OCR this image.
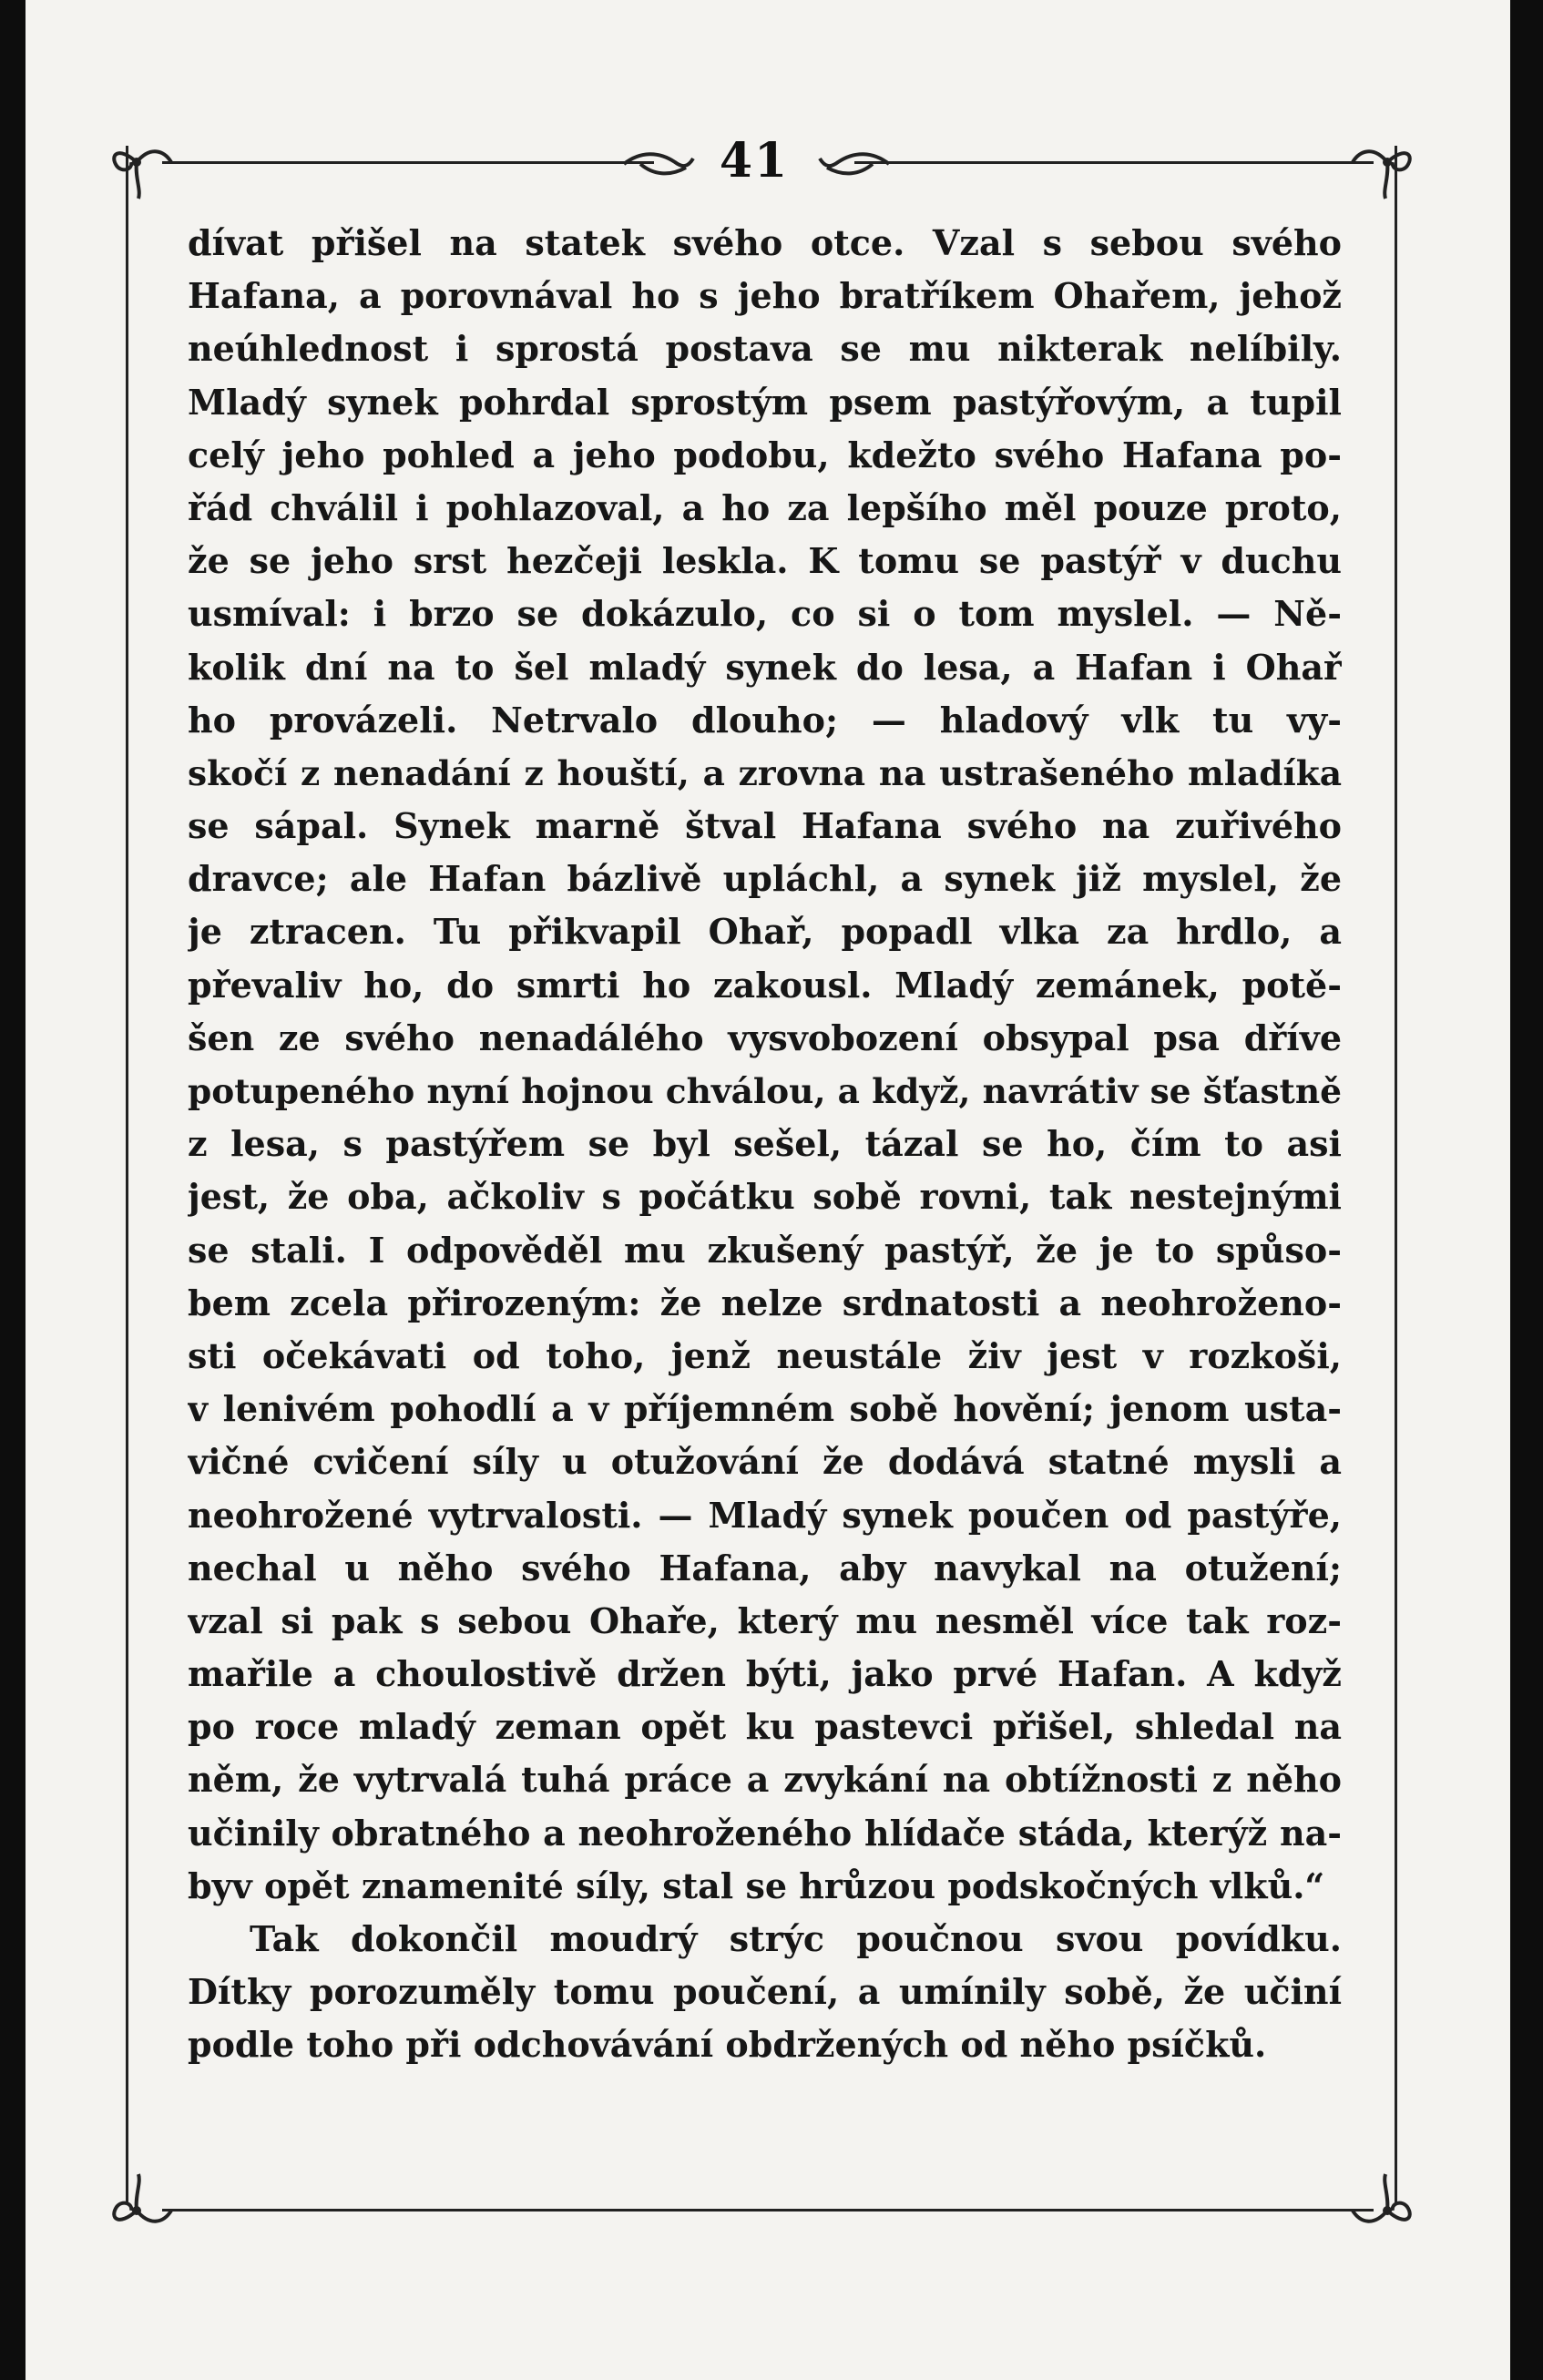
41
dívat přišel na statek svého otce. Vzal s sebou svého
Hafana, a porovnával ho s jeho bratříkem Ohařem, jehož
neúhlednost i sprostá postava se mu nikterak nelíbily.
Mladý synek pohrdal sprostým psem pastýřovým, a tupil
celý jeho pohled a jeho podobu, kdežto svého Hafana po-
řád chválil i pohlazoval, a ho za lepšího měl pouze proto,
že se jeho srst hezčeji leskla. K tomu se pastýř v duchu
usmíval: i brzo se dokázulo, co si o tom myslel. — Ně-
kolik dní na to šel mladý synek do lesa, a Hafan i Ohař
ho provázeli. Netrvalo dlouho; — hladový vlk tu vy-
skočí z nenadání z houští, a zrovna na ustrašeného mladíka
se sápal. Synek marně štval Hafana svého na zuřivého
dravce; ale Hafan bázlivě upláchl, a synek již myslel, že
je ztracen. Tu přikvapil Ohař, popadl vlka za hrdlo, a
převaliv ho, do smrti ho zakousl. Mladý zemánek, potě-
šen ze svého nenadálého vysvobození obsypal psa dříve
potupeného nyní hojnou chválou, a když, navrátiv se šťastně
z lesa, s pastýřem se byl sešel, tázal se ho, čím to asi
jest, že oba, ačkoliv s počátku sobě rovni, tak nestejnými
se stali. I odpověděl mu zkušený pastýř, že je to spůso-
bem zcela přirozeným: že nelze srdnatosti a neohroženo-
sti očekávati od toho, jenž neustále živ jest v rozkoši,
v lenivém pohodlí a v příjemném sobě hovění; jenom usta-
vičné cvičení síly u otužování že dodává statné mysli a
neohrožené vytrvalosti. — Mladý synek poučen od pastýře,
nechal u něho svého Hafana, aby navykal na otužení;
vzal si pak s sebou Ohaře, který mu nesměl více tak roz-
mařile a choulostivě držen býti, jako prvé Hafan. A když
po roce mladý zeman opět ku pastevci přišel, shledal na
něm, že vytrvalá tuhá práce a zvykání na obtížnosti z něho
učinily obratného a neohroženého hlídače stáda, kterýž na-
byv opět znamenité síly, stal se hrůzou podskočných vlků.“
Tak dokončil moudrý strýc poučnou svou povídku.
Dítky porozuměly tomu poučení, a umínily sobě, že učiní
podle toho při odchovávání obdržených od něho psíčků.
